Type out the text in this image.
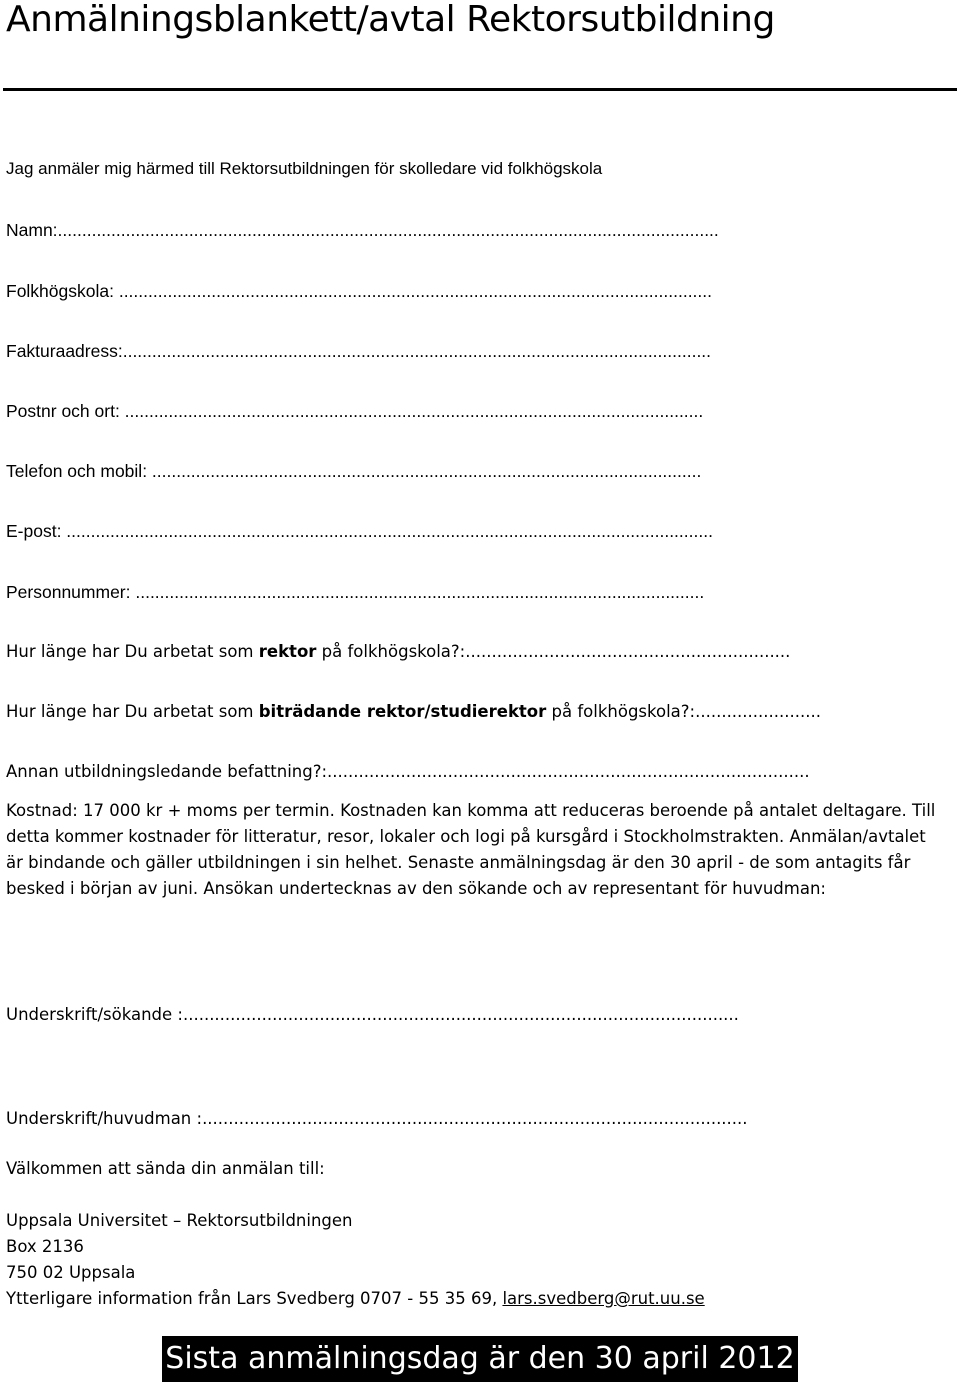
Anmälningsblankett/avtal Rektorsutbildning
Jag anmäler mig härmed till Rektorsutbildningen för skolledare vid folkhögskola
Namn:........................................................................................................................................
Folkhögskola: ..........................................................................................................................
Fakturaadress:.........................................................................................................................
Postnr och ort: .......................................................................................................................
Telefon och mobil: .................................................................................................................
E-post: .....................................................................................................................................
Personnummer: .....................................................................................................................
Hur länge har Du arbetat som rektor på folkhögskola?:..............................................................
Hur länge har Du arbetat som biträdande rektor/studierektor på folkhögskola?:........................
Annan utbildningsledande befattning?:............................................................................................
Kostnad: 17 000 kr + moms per termin. Kostnaden kan komma att reduceras beroende på antalet deltagare. Till detta kommer kostnader för litteratur, resor, lokaler och logi på kursgård i Stockholmstrakten. Anmälan/avtalet är bindande och gäller utbildningen i sin helhet. Senaste anmälningsdag är den 30 april - de som antagits får besked i början av juni. Ansökan undertecknas av den sökande och av representant för huvudman:
Underskrift/sökande :..........................................................................................................
Underskrift/huvudman :........................................................................................................
Välkommen att sända din anmälan till:
Uppsala Universitet – Rektorsutbildningen
Box 2136
750 02 Uppsala
Ytterligare information från Lars Svedberg 0707 - 55 35 69, lars.svedberg@rut.uu.se
Sista anmälningsdag är den 30 april 2012
